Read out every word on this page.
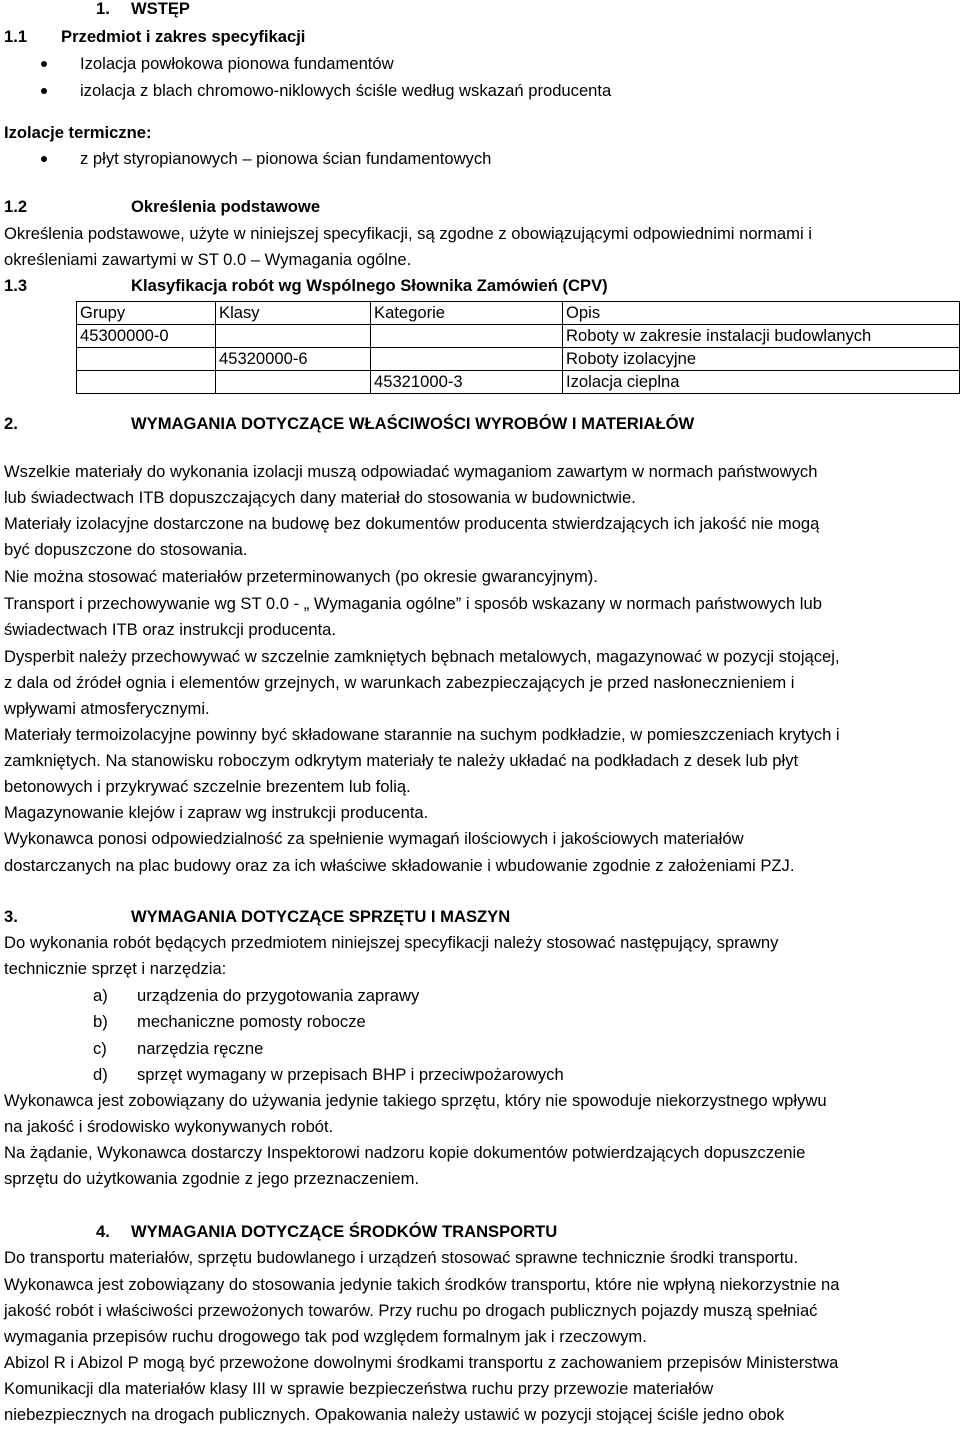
1. WSTĘP
1.1 Przedmiot i zakres specyfikacji
Izolacja powłokowa pionowa fundamentów
izolacja z blach chromowo-niklowych ściśle według wskazań producenta
Izolacje termiczne:
z płyt styropianowych – pionowa ścian fundamentowych
1.2	Określenia podstawowe
Określenia podstawowe, użyte w niniejszej specyfikacji, są zgodne z obowiązującymi odpowiednimi normami i
określeniami zawartymi w ST 0.0 – Wymagania ogólne.
1.3	Klasyfikacja robót wg Wspólnego Słownika Zamówień (CPV)
Grupy	Klasy	Kategorie	Opis
45300000-0			Roboty w zakresie instalacji budowlanych
	45320000-6		Roboty izolacyjne
		45321000-3	Izolacja cieplna
2.	WYMAGANIA DOTYCZĄCE WŁAŚCIWOŚCI WYROBÓW I MATERIAŁÓW
Wszelkie materiały do wykonania izolacji muszą odpowiadać wymaganiom zawartym w normach państwowych
lub świadectwach ITB dopuszczających dany materiał do stosowania w budownictwie.
Materiały izolacyjne dostarczone na budowę bez dokumentów producenta stwierdzających ich jakość nie mogą
być dopuszczone do stosowania.
Nie można stosować materiałów przeterminowanych (po okresie gwarancyjnym).
Transport i przechowywanie wg ST 0.0 - „ Wymagania ogólne” i sposób wskazany w normach państwowych lub
świadectwach ITB oraz instrukcji producenta.
Dysperbit należy przechowywać w szczelnie zamkniętych bębnach metalowych, magazynować w pozycji stojącej,
z dala od źródeł ognia i elementów grzejnych, w warunkach zabezpieczających je przed nasłonecznieniem i
wpływami atmosferycznymi.
Materiały termoizolacyjne powinny być składowane starannie na suchym podkładzie, w pomieszczeniach krytych i
zamkniętych. Na stanowisku roboczym odkrytym materiały te należy układać na podkładach z desek lub płyt
betonowych i przykrywać szczelnie brezentem lub folią.
Magazynowanie klejów i zapraw wg instrukcji producenta.
Wykonawca ponosi odpowiedzialność za spełnienie wymagań ilościowych i jakościowych materiałów
dostarczanych na plac budowy oraz za ich właściwe składowanie i wbudowanie zgodnie z założeniami PZJ.
3.	WYMAGANIA DOTYCZĄCE SPRZĘTU I MASZYN
Do wykonania robót będących przedmiotem niniejszej specyfikacji należy stosować następujący, sprawny
technicznie sprzęt i narzędzia:
a) urządzenia do przygotowania zaprawy
b) mechaniczne pomosty robocze
c) narzędzia ręczne
d) sprzęt wymagany w przepisach BHP i przeciwpożarowych
Wykonawca jest zobowiązany do używania jedynie takiego sprzętu, który nie spowoduje niekorzystnego wpływu
na jakość i środowisko wykonywanych robót.
Na żądanie, Wykonawca dostarczy Inspektorowi nadzoru kopie dokumentów potwierdzających dopuszczenie
sprzętu do użytkowania zgodnie z jego przeznaczeniem.
4. WYMAGANIA DOTYCZĄCE ŚRODKÓW TRANSPORTU
Do transportu materiałów, sprzętu budowlanego i urządzeń stosować sprawne technicznie środki transportu.
Wykonawca jest zobowiązany do stosowania jedynie takich środków transportu, które nie wpłyną niekorzystnie na
jakość robót i właściwości przewożonych towarów. Przy ruchu po drogach publicznych pojazdy muszą spełniać
wymagania przepisów ruchu drogowego tak pod względem formalnym jak i rzeczowym.
Abizol R i Abizol P mogą być przewożone dowolnymi środkami transportu z zachowaniem przepisów Ministerstwa
Komunikacji dla materiałów klasy III w sprawie bezpieczeństwa ruchu przy przewozie materiałów
niebezpiecznych na drogach publicznych. Opakowania należy ustawić w pozycji stojącej ściśle jedno obok
